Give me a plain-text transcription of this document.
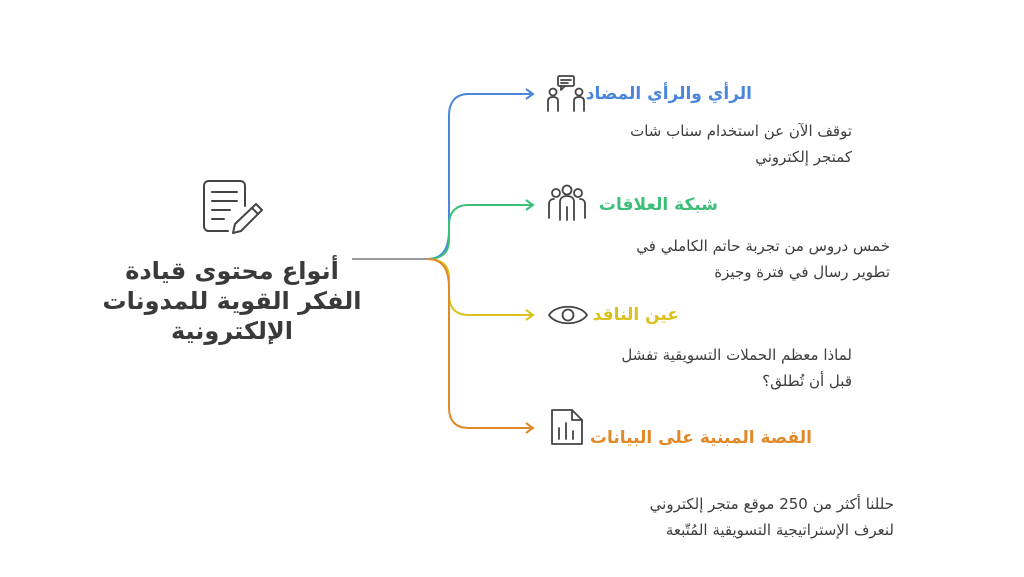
أنواع محتوى قيادة الفكر القوية للمدونات الإلكترونية
الرأي والرأي المضاد
توقف الآن عن استخدام سناب شات
كمتجر إلكتروني
شبكة العلاقات
خمس دروس من تجربة حاتم الكاملي في
تطوير رسال في فترة وجيزة
عين الناقد
لماذا معظم الحملات التسويقية تفشل
قبل أن تُطلق؟
القصة المبنية على البيانات
حللنا أكثر من 250 موقع متجر إلكتروني
لنعرف الإستراتيجية التسويقية المُتّبعة
